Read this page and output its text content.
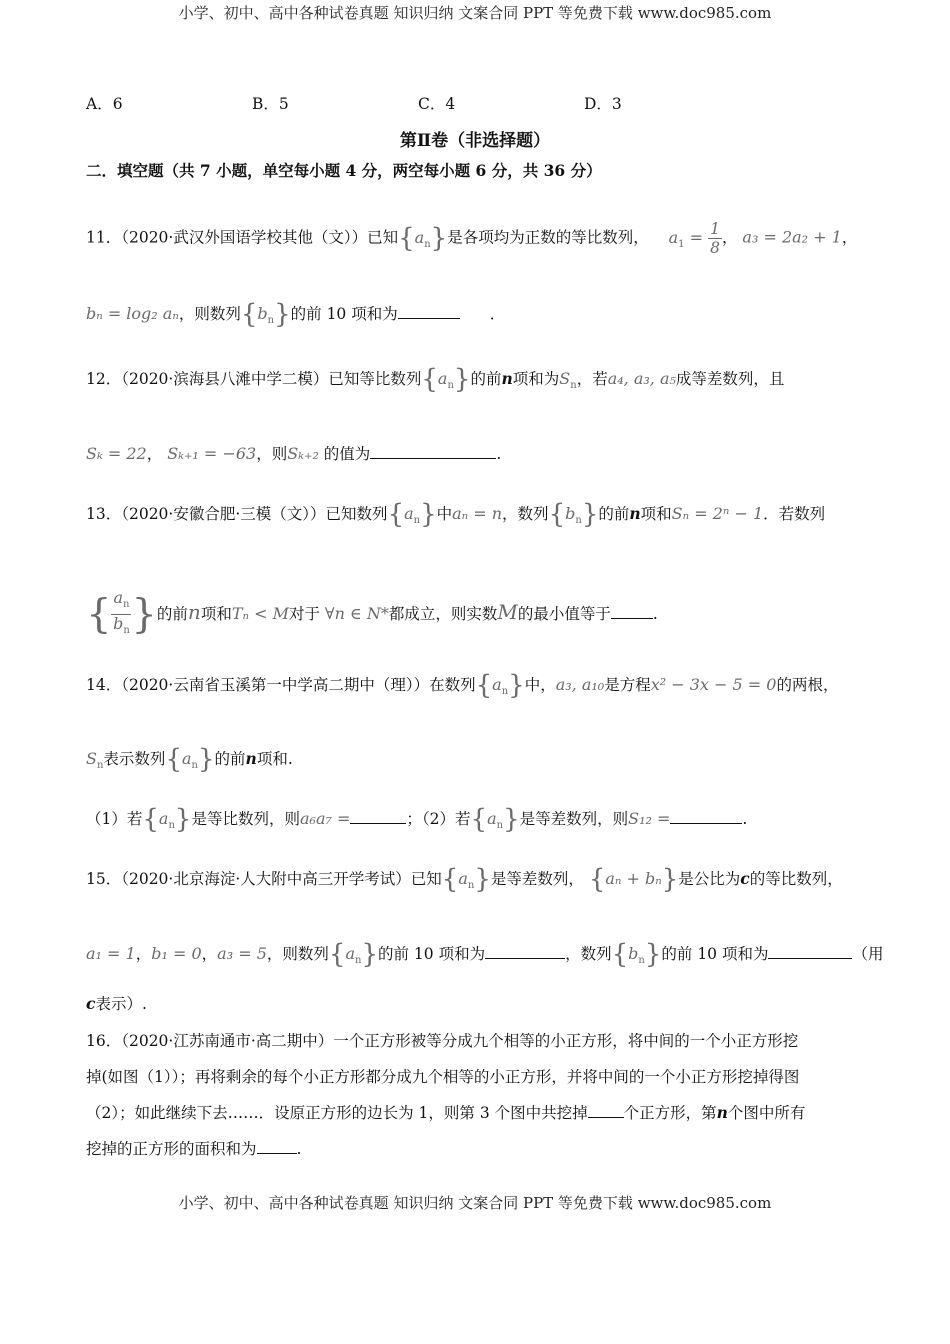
小学、初中、高中各种试卷真题 知识归纳 文案合同 PPT 等免费下载 www.doc985.com
A．6	B．5	C．4	D．3
第Ⅱ卷（非选择题）
二．填空题（共 7 小题，单空每小题 4 分，两空每小题 6 分，共 36 分）
11．（2020·武汉外国语学校其他（文））已知$\{a_n\}$是各项均为正数的等比数列， $a_1 = \frac{1}{8}$ ， a₃ = 2a₂ + 1，
bₙ = log₂ aₙ，则数列$\{b_n\}$的前 10 项和为	．
12．（2020·滨海县八滩中学二模）已知等比数列$\{a_n\}$的前n项和为$S_n$，若a₄, a₃, a₅成等差数列，且
Sₖ = 22， Sₖ₊₁ = −63，则Sₖ₊₂ 的值为	.
13．（2020·安徽合肥·三模（文））已知数列$\{a_n\}$中aₙ = n，数列$\{b_n\}$的前n项和Sₙ = 2ⁿ − 1．若数列
{ $\frac{a_n}{b_n}$ }的前n项和Tₙ < M对于 ∀n ∈ N*都成立，则实数M的最小值等于	.
14．（2020·云南省玉溪第一中学高二期中（理））在数列$\{a_n\}$中，a₃, a₁₀是方程x² − 3x − 5 = 0的两根，
$S_n$表示数列$\{a_n\}$的前n项和.
（1）若$\{a_n\}$是等比数列，则a₆a₇ =	；（2）若$\{a_n\}$是等差数列，则S₁₂ =	.
15．（2020·北京海淀·人大附中高三开学考试）已知$\{a_n\}$是等差数列， {aₙ + bₙ}是公比为c的等比数列，
a₁ = 1，b₁ = 0，a₃ = 5，则数列$\{a_n\}$的前 10 项和为	，数列$\{b_n\}$的前 10 项和为	（用
c表示）.
16．（2020·江苏南通市·高二期中）一个正方形被等分成九个相等的小正方形，将中间的一个小正方形挖
掉(如图（1））；再将剩余的每个小正方形都分成九个相等的小正方形，并将中间的一个小正方形挖掉得图
（2）；如此继续下去……．设原正方形的边长为 1，则第 3 个图中共挖掉 个正方形，第n个图中所有
挖掉的正方形的面积和为	.
小学、初中、高中各种试卷真题 知识归纳 文案合同 PPT 等免费下载 www.doc985.com
